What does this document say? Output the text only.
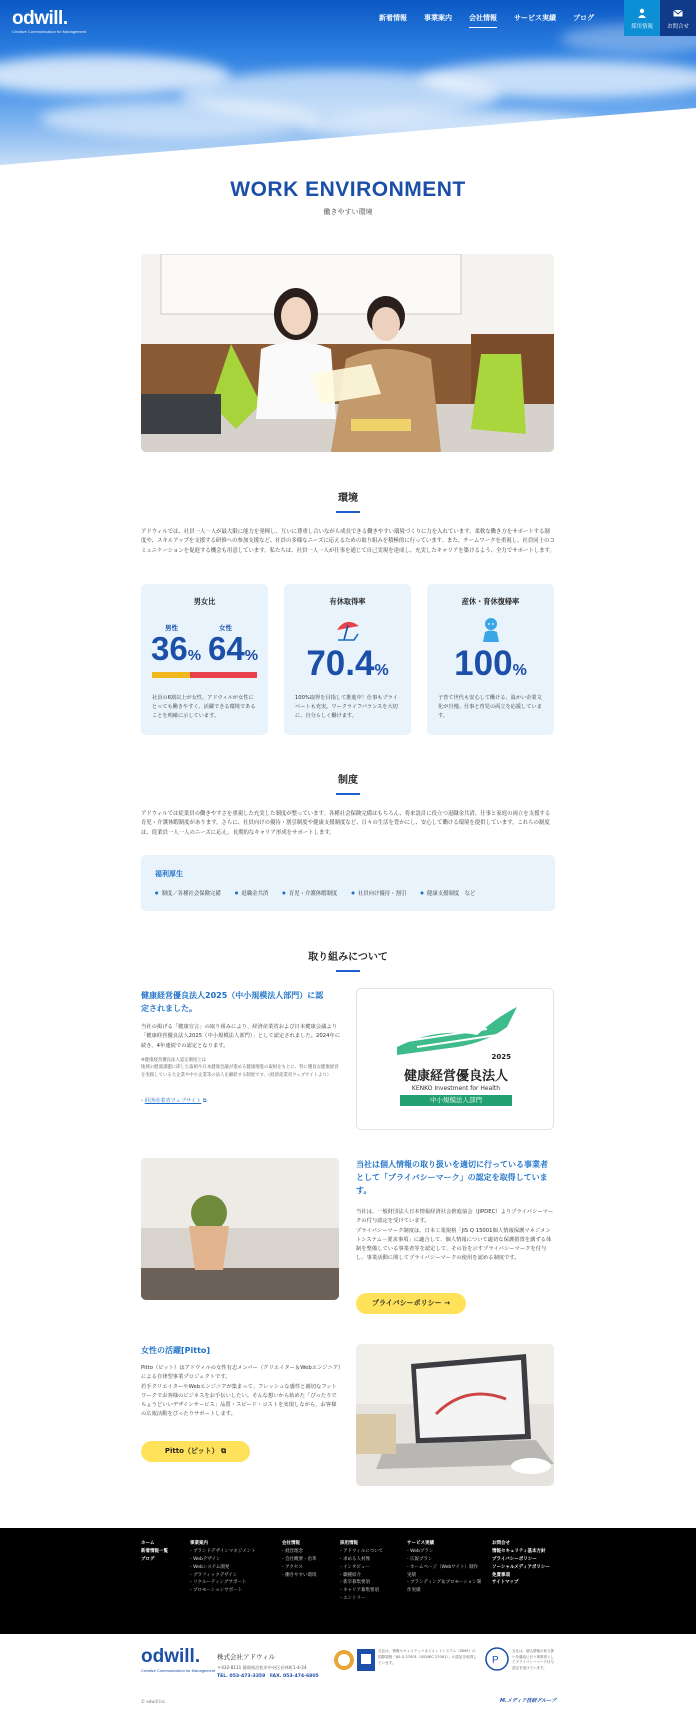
odwill.
Creative Communication for Management
新着情報 事業案内 会社情報 サービス実績 ブログ
採用情報	お問合せ
WORK ENVIRONMENT
働きやすい環境
環境
アドウィルでは、社員一人一人が最大限に能力を発揮し、互いに尊重し合いながら成長できる働きやすい環境づくりに力を入れています。柔軟な働き方をサポートする制度や、スキルアップを支援する研修への参加支援など、社員の多様なニーズに応えるための取り組みを積極的に行っています。また、チームワークを重視し、社員同士のコミュニケーションを促進する機会も用意しています。私たちは、社員一人一人が仕事を通じて自己実現を達成し、充実したキャリアを築けるよう、全力でサポートします。
男女比
男性	女性
36% 64%

社員の6割以上が女性。アドウィルが女性にとっても働きやすく、活躍できる環境であることを明確に示しています。

有休取得率
70.4%

100%取得を目指して推進中！仕事もプライベートも充実。ワークライフバランスを大切に、自分らしく働けます。

産休・育休復帰率
100%

子育て世代も安心して働ける、温かい企業文化が自慢。仕事と育児の両立を応援しています。

制度
アドウィルでは従業員の働きやすさを重視した充実した制度が整っています。各種社会保険完備はもちろん、将来設計に役立つ退職金共済、仕事と家庭の両立を支援する育児・介護休暇制度があります。さらに、社員向けの優待・割引制度や健康支援制度など、日々の生活を豊かにし、安心して働ける環境を提供しています。これらの制度は、従業員一人一人のニーズに応え、長期的なキャリア形成をサポートします。
福利厚生
● 制度／各種社会保険完備	● 退職金共済	● 育児・介護休暇制度	● 社員向け優待・割引	● 健康支援制度　など
取り組みについて
健康経営優良法人2025（中小規模法人部門）に認定されました。
当社の掲げる「健康宣言」の取り組みにより、経済産業省および日本健康会議より「健康経営優良法人2025（中小規模法人部門）」として認定されました。2024年に続き、4年連続での認定となります。
※健康経営優良法人認定制度とは
地域の健康課題に即した取組や日本健康会議が進める健康増進の取組をもとに、特に優良な健康経営を実践している大企業や中小企業等の法人を顕彰する制度です。（経済産業省ウェブサイトより）
› 経済産業省ウェブサイト ⧉
2025
健康経営優良法人
KENKO Investment for Health
中小規模法人部門
当社は個人情報の取り扱いを適切に行っている事業者として「プライバシーマーク」の認定を取得しています。
当社は、一般財団法人日本情報経済社会推進協会（JIPDEC）よりプライバシーマークの付与認定を受けています。
プライバシーマーク制度は、日本工業規格「JIS Q 15001個人情報保護マネジメントシステム－要求事項」に適合して、個人情報について適切な保護措置を講ずる体制を整備している事業者等を認定して、その旨を示すプライバシーマークを付与し、事業活動に関してプライバシーマークの使用を認める制度です。
プライバシーポリシー →
女性の活躍[Pitto]
Pitto（ピット）はアドウィルの女性有志メンバー（クリエイター＆Webエンジニア）による自律型事業プロジェクトです。
若手クリエイターやWebエンジニアが集まって、フレッシュな感性と親切なフットワークでお客様のビジネスをお手伝いしたい。そんな想いから始めた「ぴったりでちょうどいいデザインサービス」品質・スピード・コストを実現しながら、お客様の広報活動をぴったりサポートします。
Pitto（ピット） ⧉
ホーム
新着情報一覧
ブログ
事業案内
- ブランドデザインマネジメント
- Webデザイン
- Webシステム開発
- グラフィックデザイン
- リクルーティングサポート
- プロモーションサポート
会社情報
- 経営理念
- 会社概要・沿革
- アクセス
- 働きやすい環境
採用情報
- アドウィルについて
- 求める人材像
- インタビュー
- 職種紹介
- 新卒募集要項
- キャリア募集要項
- エントリー
サービス実績
- Webプラン
- 広報プラン
- ホームページ（Webサイト）制作実績
- ブランディング＆プロモーション制作実績
お問合せ
情報セキュリティ基本方針
プライバシーポリシー
ソーシャルメディアポリシー
免責事項
サイトマップ
odwill.
Creative Communication for Management
株式会社アドウィル
〒432-8111 静岡県浜松市中央区若林町1-4-24
TEL. 053-473-3359　FAX. 053-474-6805
当社は、情報セキュリティマネジメントシステム（ISMS）の国際規格「JIS Q 27001（ISO/IEC 27001）」の認証を取得しています。	P
当社は、個人情報の取り扱いを適切に行う事業者としてプライバシーマーク付与認定を受けています。
© adwill Inc.	M.メディア技研グループ
